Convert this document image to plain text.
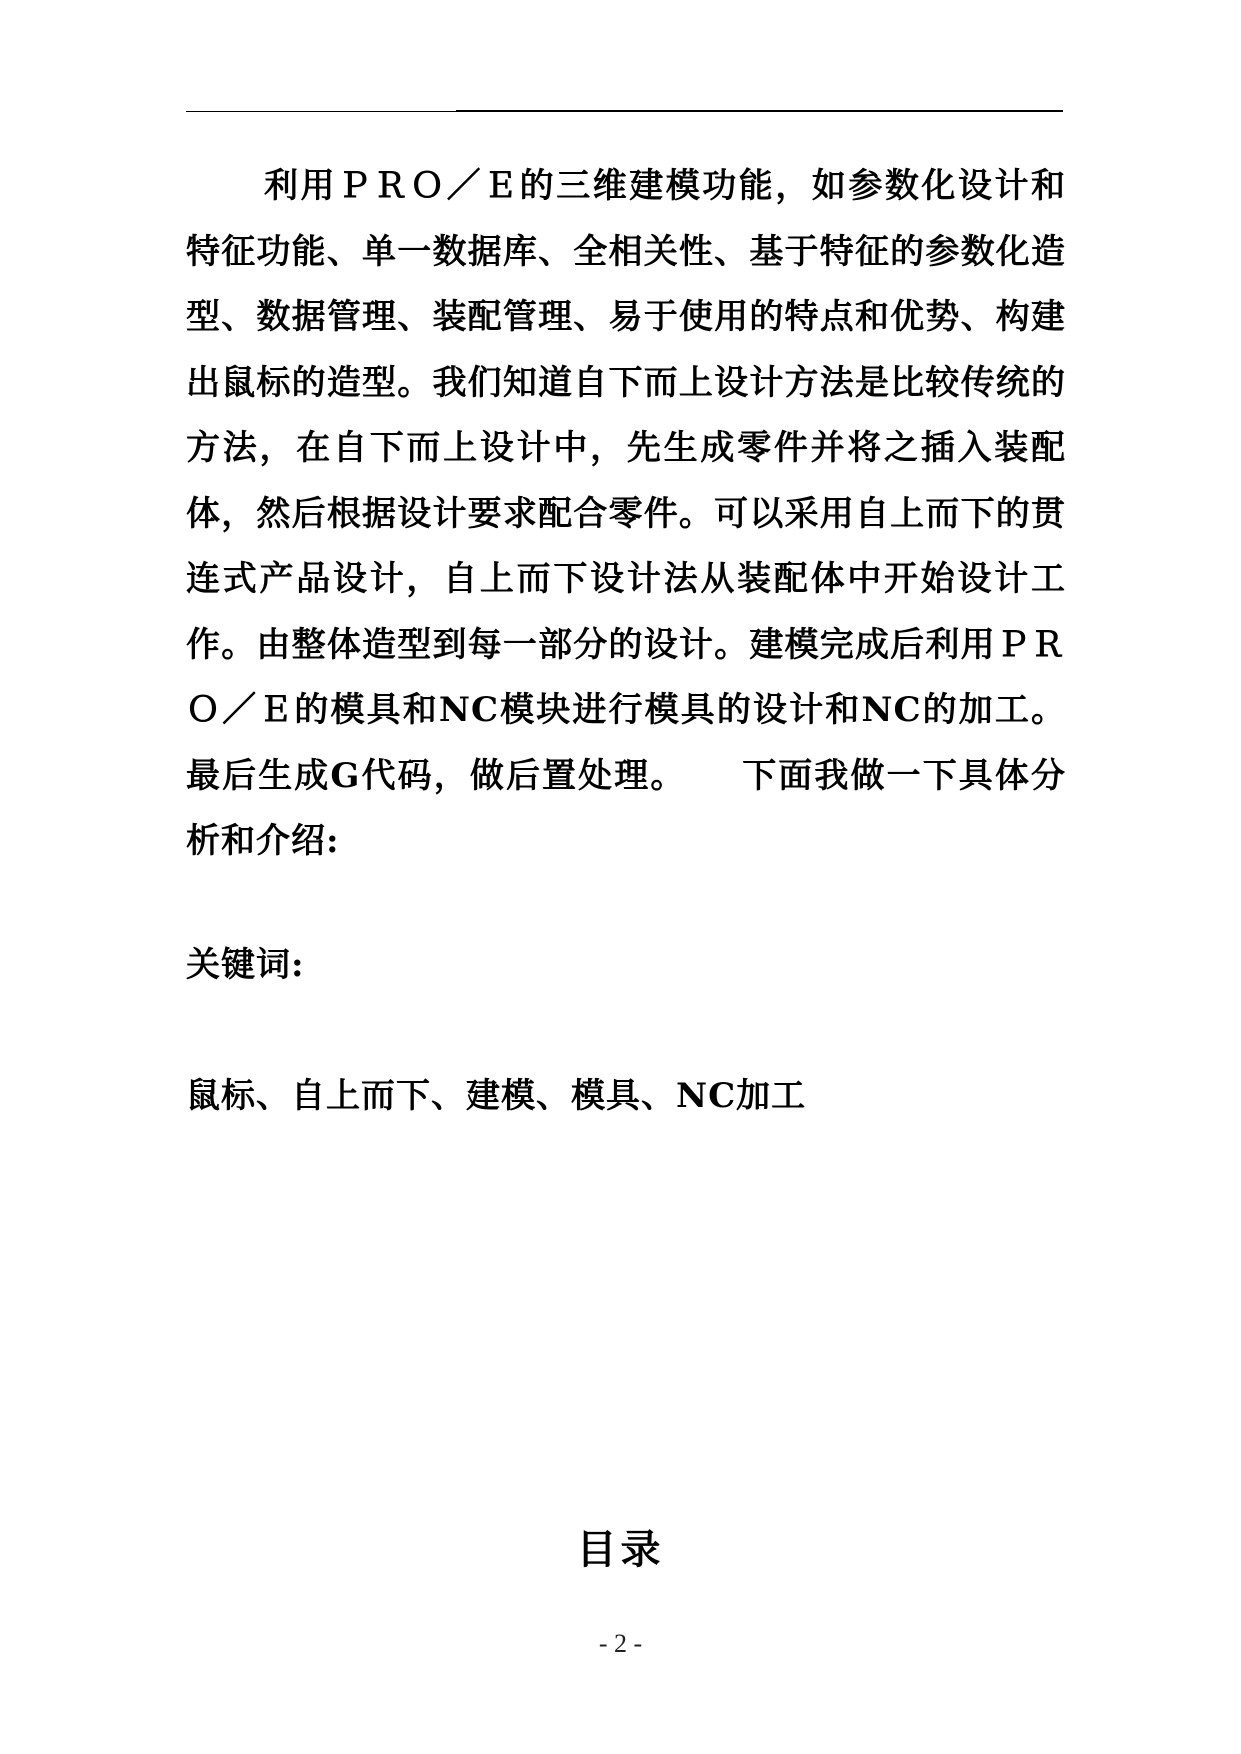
利用ＰＲＯ／Ｅ的三维建模功能，如参数化设计和特征功能、单一数据库、全相关性、基于特征的参数化造型、数据管理、装配管理、易于使用的特点和优势、构建出鼠标的造型。我们知道自下而上设计方法是比较传统的方法，在自下而上设计中，先生成零件并将之插入装配体，然后根据设计要求配合零件。可以采用自上而下的贯连式产品设计，自上而下设计法从装配体中开始设计工作。由整体造型到每一部分的设计。建模完成后利用ＰＲＯ／Ｅ的模具和NC模块进行模具的设计和NC的加工。最后生成G代码，做后置处理。    下面我做一下具体分析和介绍:

关键词:

鼠标、自上而下、建模、模具、NC加工

目录
- 2 -
